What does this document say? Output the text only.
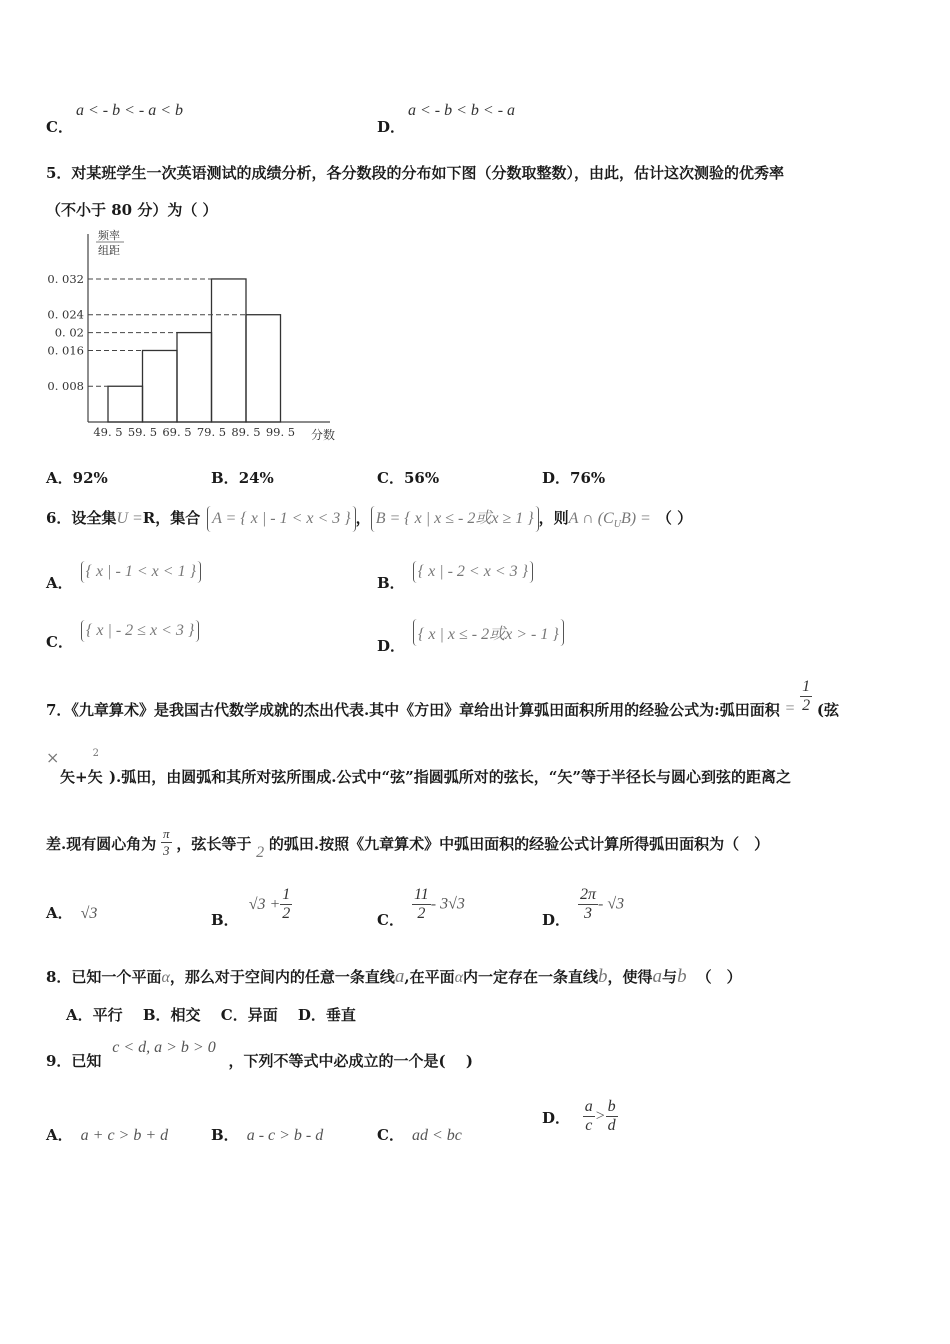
C．
a < - b < - a < b
D．
a < - b < b < - a
5．对某班学生一次英语测试的成绩分析，各分数段的分布如下图（分数取整数），由此，估计这次测验的优秀率
（不小于 80 分）为（ ）
频率
组距
0. 008
0. 016
0. 02
0. 024
0. 032
49. 5 59. 5 69. 5 79. 5 89. 5 99. 5 分数
A．92%	B．24%	C．56%	D．76%
6．设全集U =R，集合 A = { x | - 1 < x < 3 } ， B = { x | x ≤ - 2或x ≥ 1 } ，则A ∩ $(C_UB)$ = （ ）
A．{ x | - 1 < x < 1 }
B．{ x | - 2 < x < 3 }
C．{ x | - 2 ≤ x < 3 }
D．{ x | x ≤ - 2或x > - 1 }
7．《九章算术》是我国古代数学成就的杰出代表.其中《方田》章给出计算弧田面积所用的经验公式为:弧田面积 = $\frac{1}{2}$ (弦
×
矢+矢$^2$).弧田，由圆弧和其所对弦所围成.公式中“弦”指圆弧所对的弦长，“矢”等于半径长与圆心到弦的距离之
差.现有圆心角为 $\frac{\pi}{3}$ ，弦长等于 2 的弧田.按照《九章算术》中弧田面积的经验公式计算所得弧田面积为（　）
A． √3	B．$√3 + \frac{1}{2}$	C． $\frac{11}{2} - 3√3$
D． $\frac{2\pi}{3} - √3$
8．已知一个平面α，那么对于空间内的任意一条直线a,在平面α内一定存在一条直线b，使得a与b （　）
A．平行　 B．相交　 C．异面　 D．垂直
9．已知 c < d, a > b > 0 ，下列不等式中必成立的一个是(　 )
A． a + c > b + d	B． a - c > b - d	C． ad < bc
D． $\frac{a}{c} > \frac{b}{d}$
